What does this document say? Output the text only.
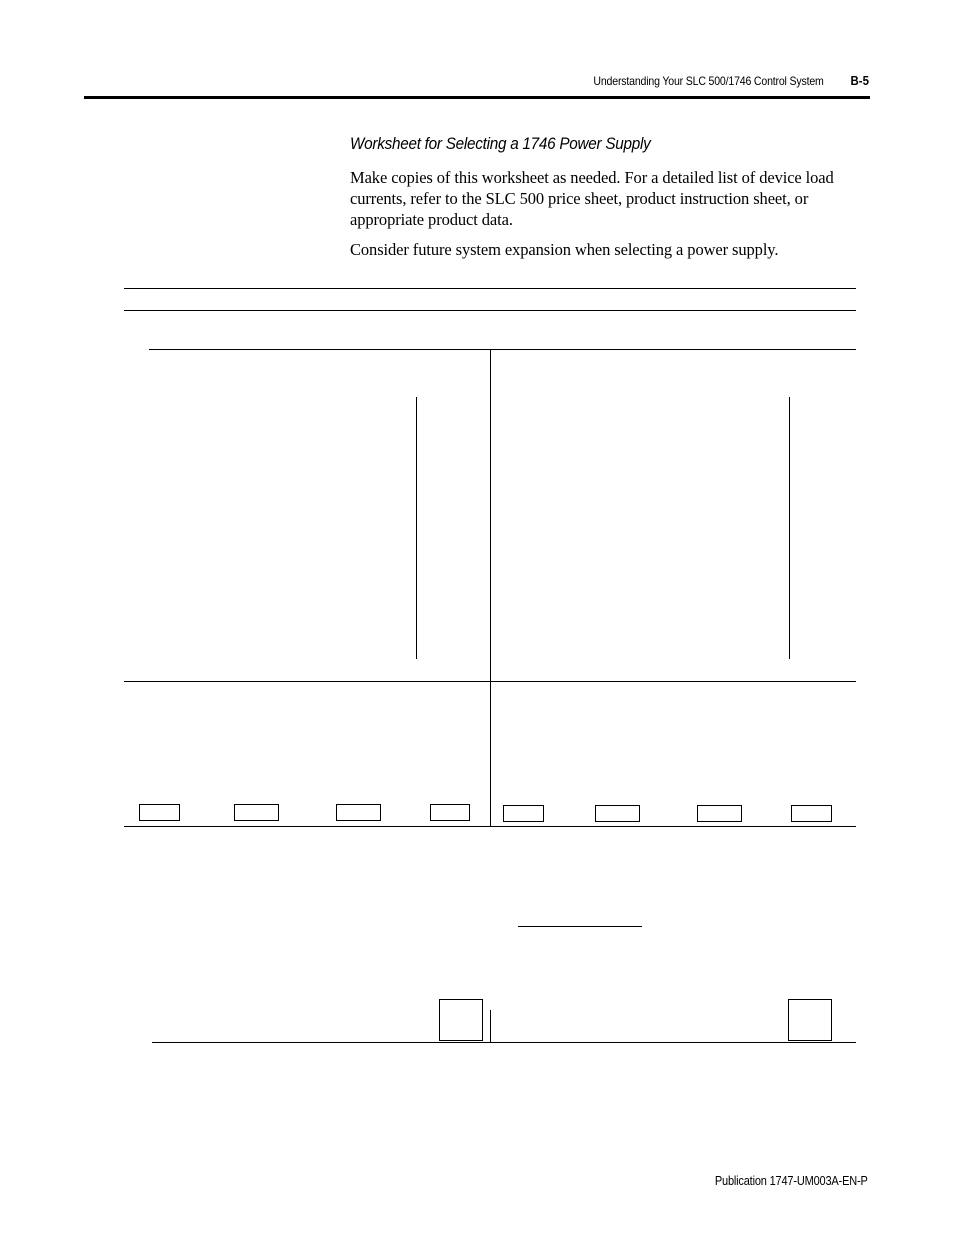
Understanding Your SLC 500/1746 Control System B-5
Worksheet for Selecting a 1746 Power Supply

Make copies of this worksheet as needed. For a detailed list of device load currents, refer to the SLC 500 price sheet, product instruction sheet, or appropriate product data.

Consider future system expansion when selecting a power supply.

Publication 1747-UM003A-EN-P
